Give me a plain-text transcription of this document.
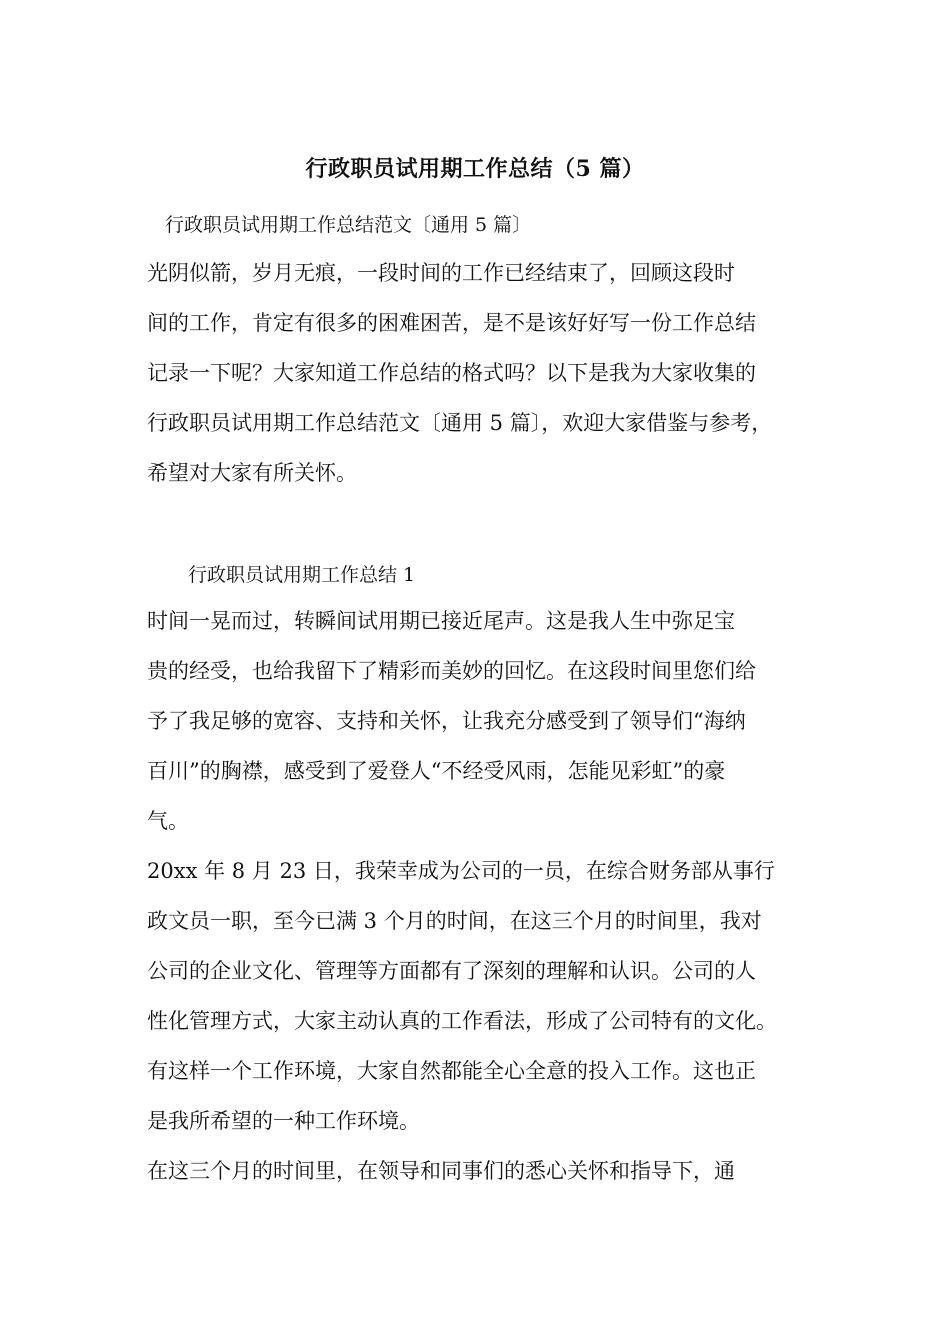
行政职员试用期工作总结（5 篇）
行政职员试用期工作总结范文〔通用 5 篇〕
光阴似箭，岁月无痕，一段时间的工作已经结束了，回顾这段时
间的工作，肯定有很多的困难困苦，是不是该好好写一份工作总结
记录一下呢？大家知道工作总结的格式吗？以下是我为大家收集的
行政职员试用期工作总结范文〔通用 5 篇〕，欢迎大家借鉴与参考，
希望对大家有所关怀。
行政职员试用期工作总结 1
时间一晃而过，转瞬间试用期已接近尾声。这是我人生中弥足宝
贵的经受，也给我留下了精彩而美妙的回忆。在这段时间里您们给
予了我足够的宽容、支持和关怀，让我充分感受到了领导们“海纳
百川”的胸襟，感受到了爱登人“不经受风雨，怎能见彩虹”的豪
气。
20xx 年 8 月 23 日，我荣幸成为公司的一员，在综合财务部从事行
政文员一职，至今已满 3 个月的时间，在这三个月的时间里，我对
公司的企业文化、管理等方面都有了深刻的理解和认识。公司的人
性化管理方式，大家主动认真的工作看法，形成了公司特有的文化。
有这样一个工作环境，大家自然都能全心全意的投入工作。这也正
是我所希望的一种工作环境。
在这三个月的时间里，在领导和同事们的悉心关怀和指导下，通
